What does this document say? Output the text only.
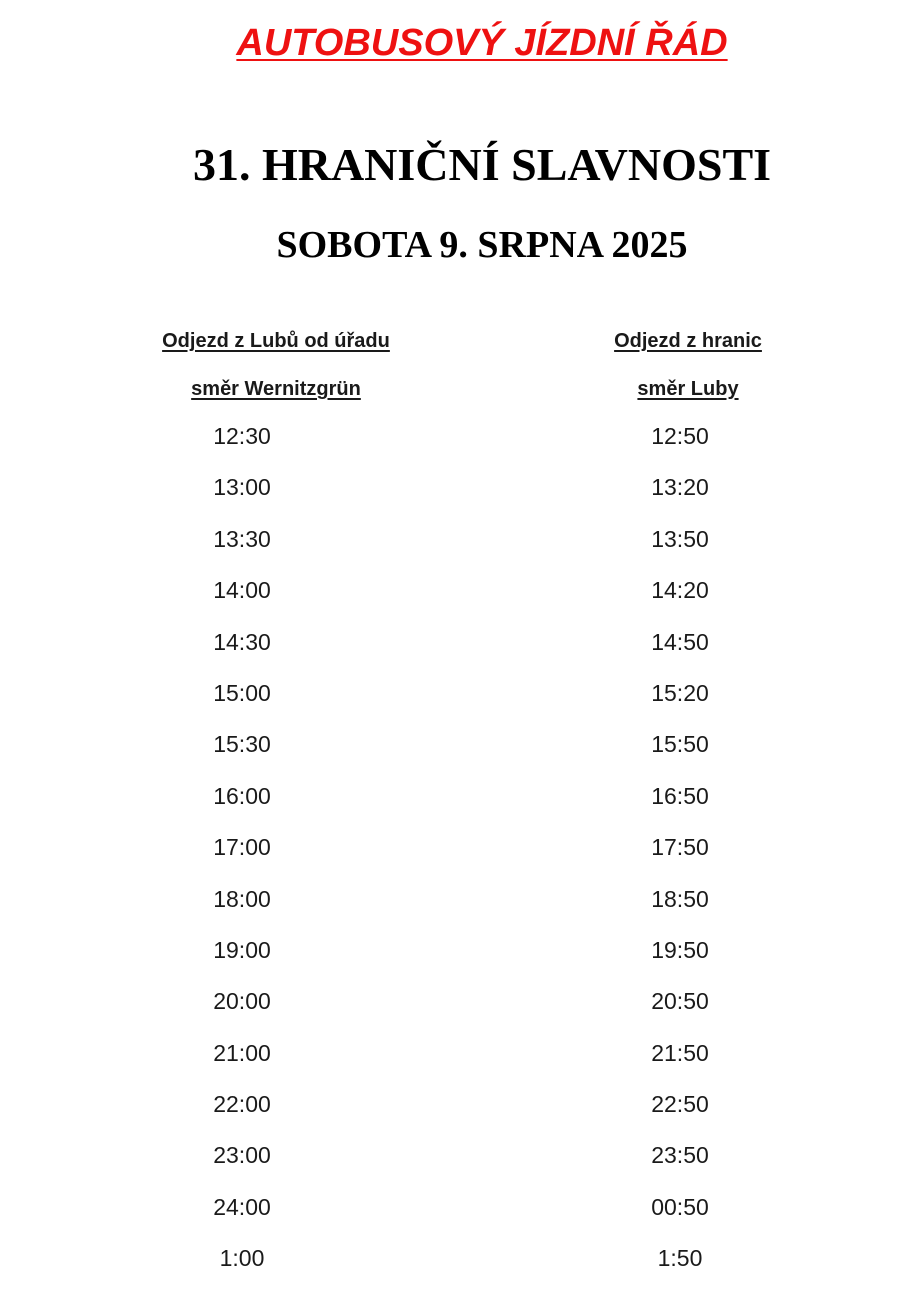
AUTOBUSOVÝ JÍZDNÍ ŘÁD
31. HRANIČNÍ SLAVNOSTI
SOBOTA 9. SRPNA 2025
Odjezd z Lubů od úřadu
směr Wernitzgrün
Odjezd z hranic
směr Luby
12:30
13:00
13:30
14:00
14:30
15:00
15:30
16:00
17:00
18:00
19:00
20:00
21:00
22:00
23:00
24:00
1:00
12:50
13:20
13:50
14:20
14:50
15:20
15:50
16:50
17:50
18:50
19:50
20:50
21:50
22:50
23:50
00:50
1:50
